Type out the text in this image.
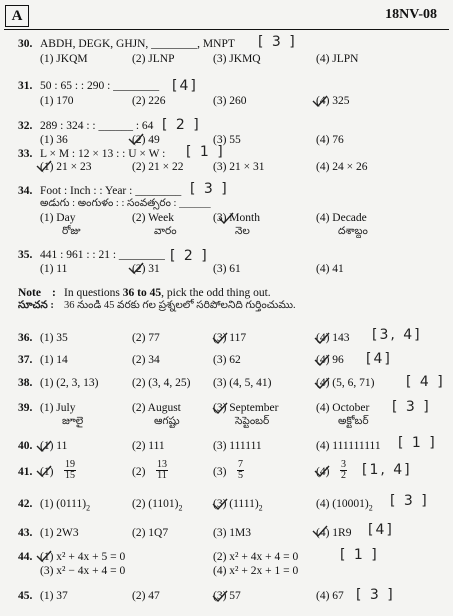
A	18NV-08
30. ABDH, DEGK, GHJN, ________, MNPT [ 3 ]
(1) JKQM	(2) JLNP	(3) JKMQ	(4) JLPN
31. 50 : 65 : : 290 : ________ [4]
(1) 170	(2) 226	(3) 260	(4) 325
32. 289 : 324 : : ______ : 64 [ 2 ]
(1) 36	(2) 49	(3) 55	(4) 76
33. L × M : 12 × 13 : : U × W : [ 1 ]
(1) 21 × 23	(2) 21 × 22	(3) 21 × 31	(4) 24 × 26
34. Foot : Inch : : Year : ________ [ 3 ]
అడుగు : అంగుళం : : సంవత్సరం : ______
(1) Day	(2) Week	(3) Month	(4) Decade
రోజు	వారం	నెల	దశాబ్దం
35. 441 : 961 : : 21 : ________ [ 2 ]
(1) 11	(2) 31	(3) 61	(4) 41
Note : In questions 36 to 45, pick the odd thing out.
సూచన : 36 నుండి 45 వరకు గల ప్రశ్నలలో సరిపోలనిది గుర్తించుము.
36. (1) 35	(2) 77	(3) 117	(4) 143 [3, 4]
37. (1) 14	(2) 34	(3) 62	(4) 96 [4]
38. (1) (2, 3, 13)	(2) (3, 4, 25) (3) (4, 5, 41)	(4) (5, 6, 71) [ 4 ]
39. (1) July	(2) August	(3) September	(4) October [ 3 ]
జూలై	ఆగష్టు	సెప్టెంబర్	అక్టోబర్
40. (1) 11	(2) 111	(3) 111111	(4) 111111111 [ 1 ]
41. $(1) \frac{19}{15}$	$(2) \frac{13}{11}$	$(3) \frac{7}{5}$	$(4) \frac{3}{2} [1$, 4]
42. (1) $(0111)_2$	(2) $(1101)_2$	(3) $(1111)_2$	(4) $(10001)_2$ [ 3 ]
43. (1) 2W3	(2) 1Q7	(3) 1M3	(4) 1R9 [4]
44. (1) x² + 4x + 5 = 0	(2) x² + 4x + 4 = 0	[ 1 ]
(3) x² − 4x + 4 = 0	(4) x² + 2x + 1 = 0
45. (1) 37	(2) 47	(3) 57	(4) 67 [ 3 ]
